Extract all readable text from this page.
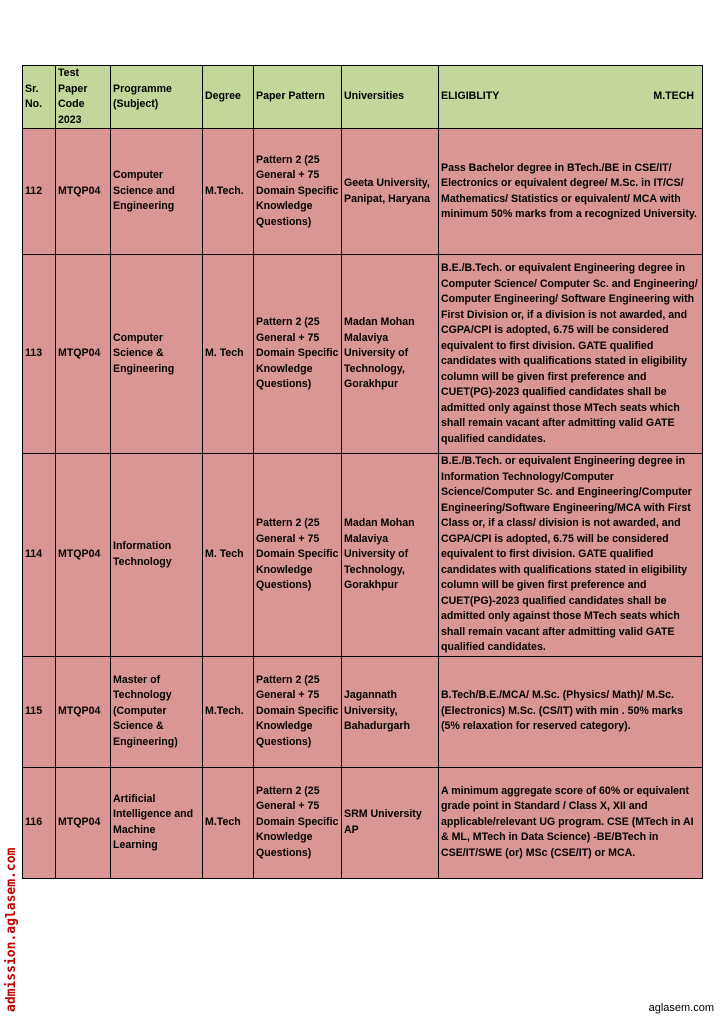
Sr. No.	Test Paper Code 2023	Programme (Subject)	Degree	Paper Pattern	Universities	ELIGIBLITY M.TECH

112	MTQP04	Computer Science and Engineering	M.Tech.	Pattern 2 (25 General + 75 Domain Specific Knowledge Questions)	Geeta University, Panipat, Haryana	Pass Bachelor degree in BTech./BE in CSE/IT/ Electronics or equivalent degree/ M.Sc. in IT/CS/ Mathematics/ Statistics or equivalent/ MCA with minimum 50% marks from a recognized University.
113	MTQP04	Computer Science & Engineering	M. Tech	Pattern 2 (25 General + 75 Domain Specific Knowledge Questions)	Madan Mohan Malaviya University of Technology, Gorakhpur	B.E./B.Tech. or equivalent Engineering degree in Computer Science/ Computer Sc. and Engineering/ Computer Engineering/ Software Engineering with First Division or, if a division is not awarded, and CGPA/CPI is adopted, 6.75 will be considered equivalent to first division. GATE qualified candidates with qualifications stated in eligibility column will be given first preference and CUET(PG)-2023 qualified candidates shall be admitted only against those MTech seats which shall remain vacant after admitting valid GATE qualified candidates.
114	MTQP04	Information Technology	M. Tech	Pattern 2 (25 General + 75 Domain Specific Knowledge Questions)	Madan Mohan Malaviya University of Technology, Gorakhpur	B.E./B.Tech. or equivalent Engineering degree in Information Technology/Computer Science/Computer Sc. and Engineering/Computer Engineering/Software Engineering/MCA with First Class or, if a class/ division is not awarded, and CGPA/CPI is adopted, 6.75 will be considered equivalent to first division. GATE qualified candidates with qualifications stated in eligibility column will be given first preference and CUET(PG)-2023 qualified candidates shall be admitted only against those MTech seats which shall remain vacant after admitting valid GATE qualified candidates.
115	MTQP04	Master of Technology (Computer Science & Engineering)	M.Tech.	Pattern 2 (25 General + 75 Domain Specific Knowledge Questions)	Jagannath University, Bahadurgarh	B.Tech/B.E./MCA/ M.Sc. (Physics/ Math)/ M.Sc. (Electronics) M.Sc. (CS/IT) with min . 50% marks (5% relaxation for reserved category).
116	MTQP04	Artificial Intelligence and Machine Learning	M.Tech	Pattern 2 (25 General + 75 Domain Specific Knowledge Questions)	SRM University AP	A minimum aggregate score of 60% or equivalent grade point in Standard / Class X, XII and applicable/relevant UG program. CSE (MTech in AI & ML, MTech in Data Science) -BE/BTech in CSE/IT/SWE (or) MSc (CSE/IT) or MCA.
admission.aglasem.com	aglasem.com
